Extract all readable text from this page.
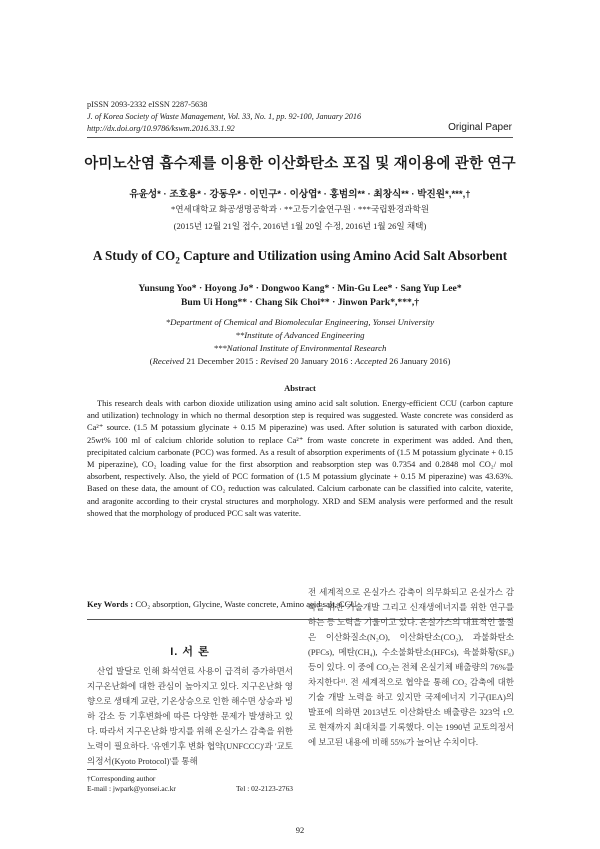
pISSN 2093-2332 eISSN 2287-5638
J. of Korea Society of Waste Management, Vol. 33, No. 1, pp. 92-100, January 2016
http://dx.doi.org/10.9786/kswm.2016.33.1.92	Original Paper
아미노산염 흡수제를 이용한 이산화탄소 포집 및 재이용에 관한 연구
유윤성* · 조호용* · 강동우* · 이민구* · 이상엽* · 홍범의** · 최창식** · 박진원*,***,†
*연세대학교 화공생명공학과 · **고등기술연구원 · ***국립환경과학원
(2015년 12월 21일 접수, 2016년 1월 20일 수정, 2016년 1월 26일 채택)
A Study of $CO_2$ Capture and Utilization using Amino Acid Salt Absorbent
Yunsung Yoo* · Hoyong Jo* · Dongwoo Kang* · Min-Gu Lee* · Sang Yup Lee*
Bum Ui Hong** · Chang Sik Choi** · Jinwon Park*,***,†
*Department of Chemical and Biomolecular Engineering, Yonsei University
**Institute of Advanced Engineering
***National Institute of Environmental Research
(Received 21 December 2015 : Revised 20 January 2016 : Accepted 26 January 2016)
Abstract
This research deals with carbon dioxide utilization using amino acid salt solution. Energy-efficient CCU (carbon capture and utilization) technology in which no thermal desorption step is required was suggested. Waste concrete was considerd as Ca²⁺ source. (1.5 M potassium glycinate + 0.15 M piperazine) was used. After solution is saturated with carbon dioxide, 25wt% 100 ml of calcium chloride solution to replace Ca²⁺ from waste concrete in experiment was added. And then, precipitated calcium carbonate (PCC) was formed. As a result of absorption experiments of (1.5 M potassium glycinate + 0.15 M piperazine), CO₂ loading value for the first absorption and reabsorption step was 0.7354 and 0.2848 mol CO₂/ mol absorbent, respectively. Also, the yield of PCC formation of (1.5 M potassium glycinate + 0.15 M piperazine) was 43.63%. Based on these data, the amount of CO₂ reduction was calculated. Calcium carbonate can be classified into calcite, vaterite, and aragonite according to their crystal structures and morphology. XRD and SEM analysis were performed and the result showed that the morphology of produced PCC salt was vaterite.
Key Words : CO₂ absorption, Glycine, Waste concrete, Amino acid salt, CCU
I. 서 론
산업 발달로 인해 화석연료 사용이 급격히 증가하면서 지구온난화에 대한 관심이 높아지고 있다. 지구온난화 영향으로 생태계 교란, 기온상승으로 인한 해수면 상승과 빙하 감소 등 기후변화에 따른 다양한 문제가 발생하고 있다. 따라서 지구온난화 방지를 위해 온실가스 감축을 위한 노력이 필요하다. '유엔기후 변화 협약(UNFCCC)'과 '교토의정서(Kyoto Protocol)'를 통해
전 세계적으로 온실가스 감축이 의무화되고 온실가스 감축을 위한 기술개발 그리고 신재생에너지를 위한 연구를 하는 등 노력을 기울이고 있다. 온실가스의 대표적인 물질은 이산화질소(N₂O), 이산화탄소(CO₂), 과불화탄소(PFCs), 메탄(CH₄), 수소불화탄소(HFCs), 육불화황(SF₆) 등이 있다. 이 중에 CO₂는 전체 온실기체 배출량의 76%를 차지한다¹⁾. 전 세계적으로 협약을 통해 CO₂ 감축에 대한 기술 개발 노력을 하고 있지만 국제에너지 기구(IEA)의 발표에 의하면 2013년도 이산화탄소 배출량은 323억 t으로 현재까지 최대치를 기록했다. 이는 1990년 교토의정서에 보고된 내용에 비해 55%가 늘어난 수치이다.
†Corresponding author
E-mail : jwpark@yonsei.ac.kr	Tel : 02-2123-2763
92
